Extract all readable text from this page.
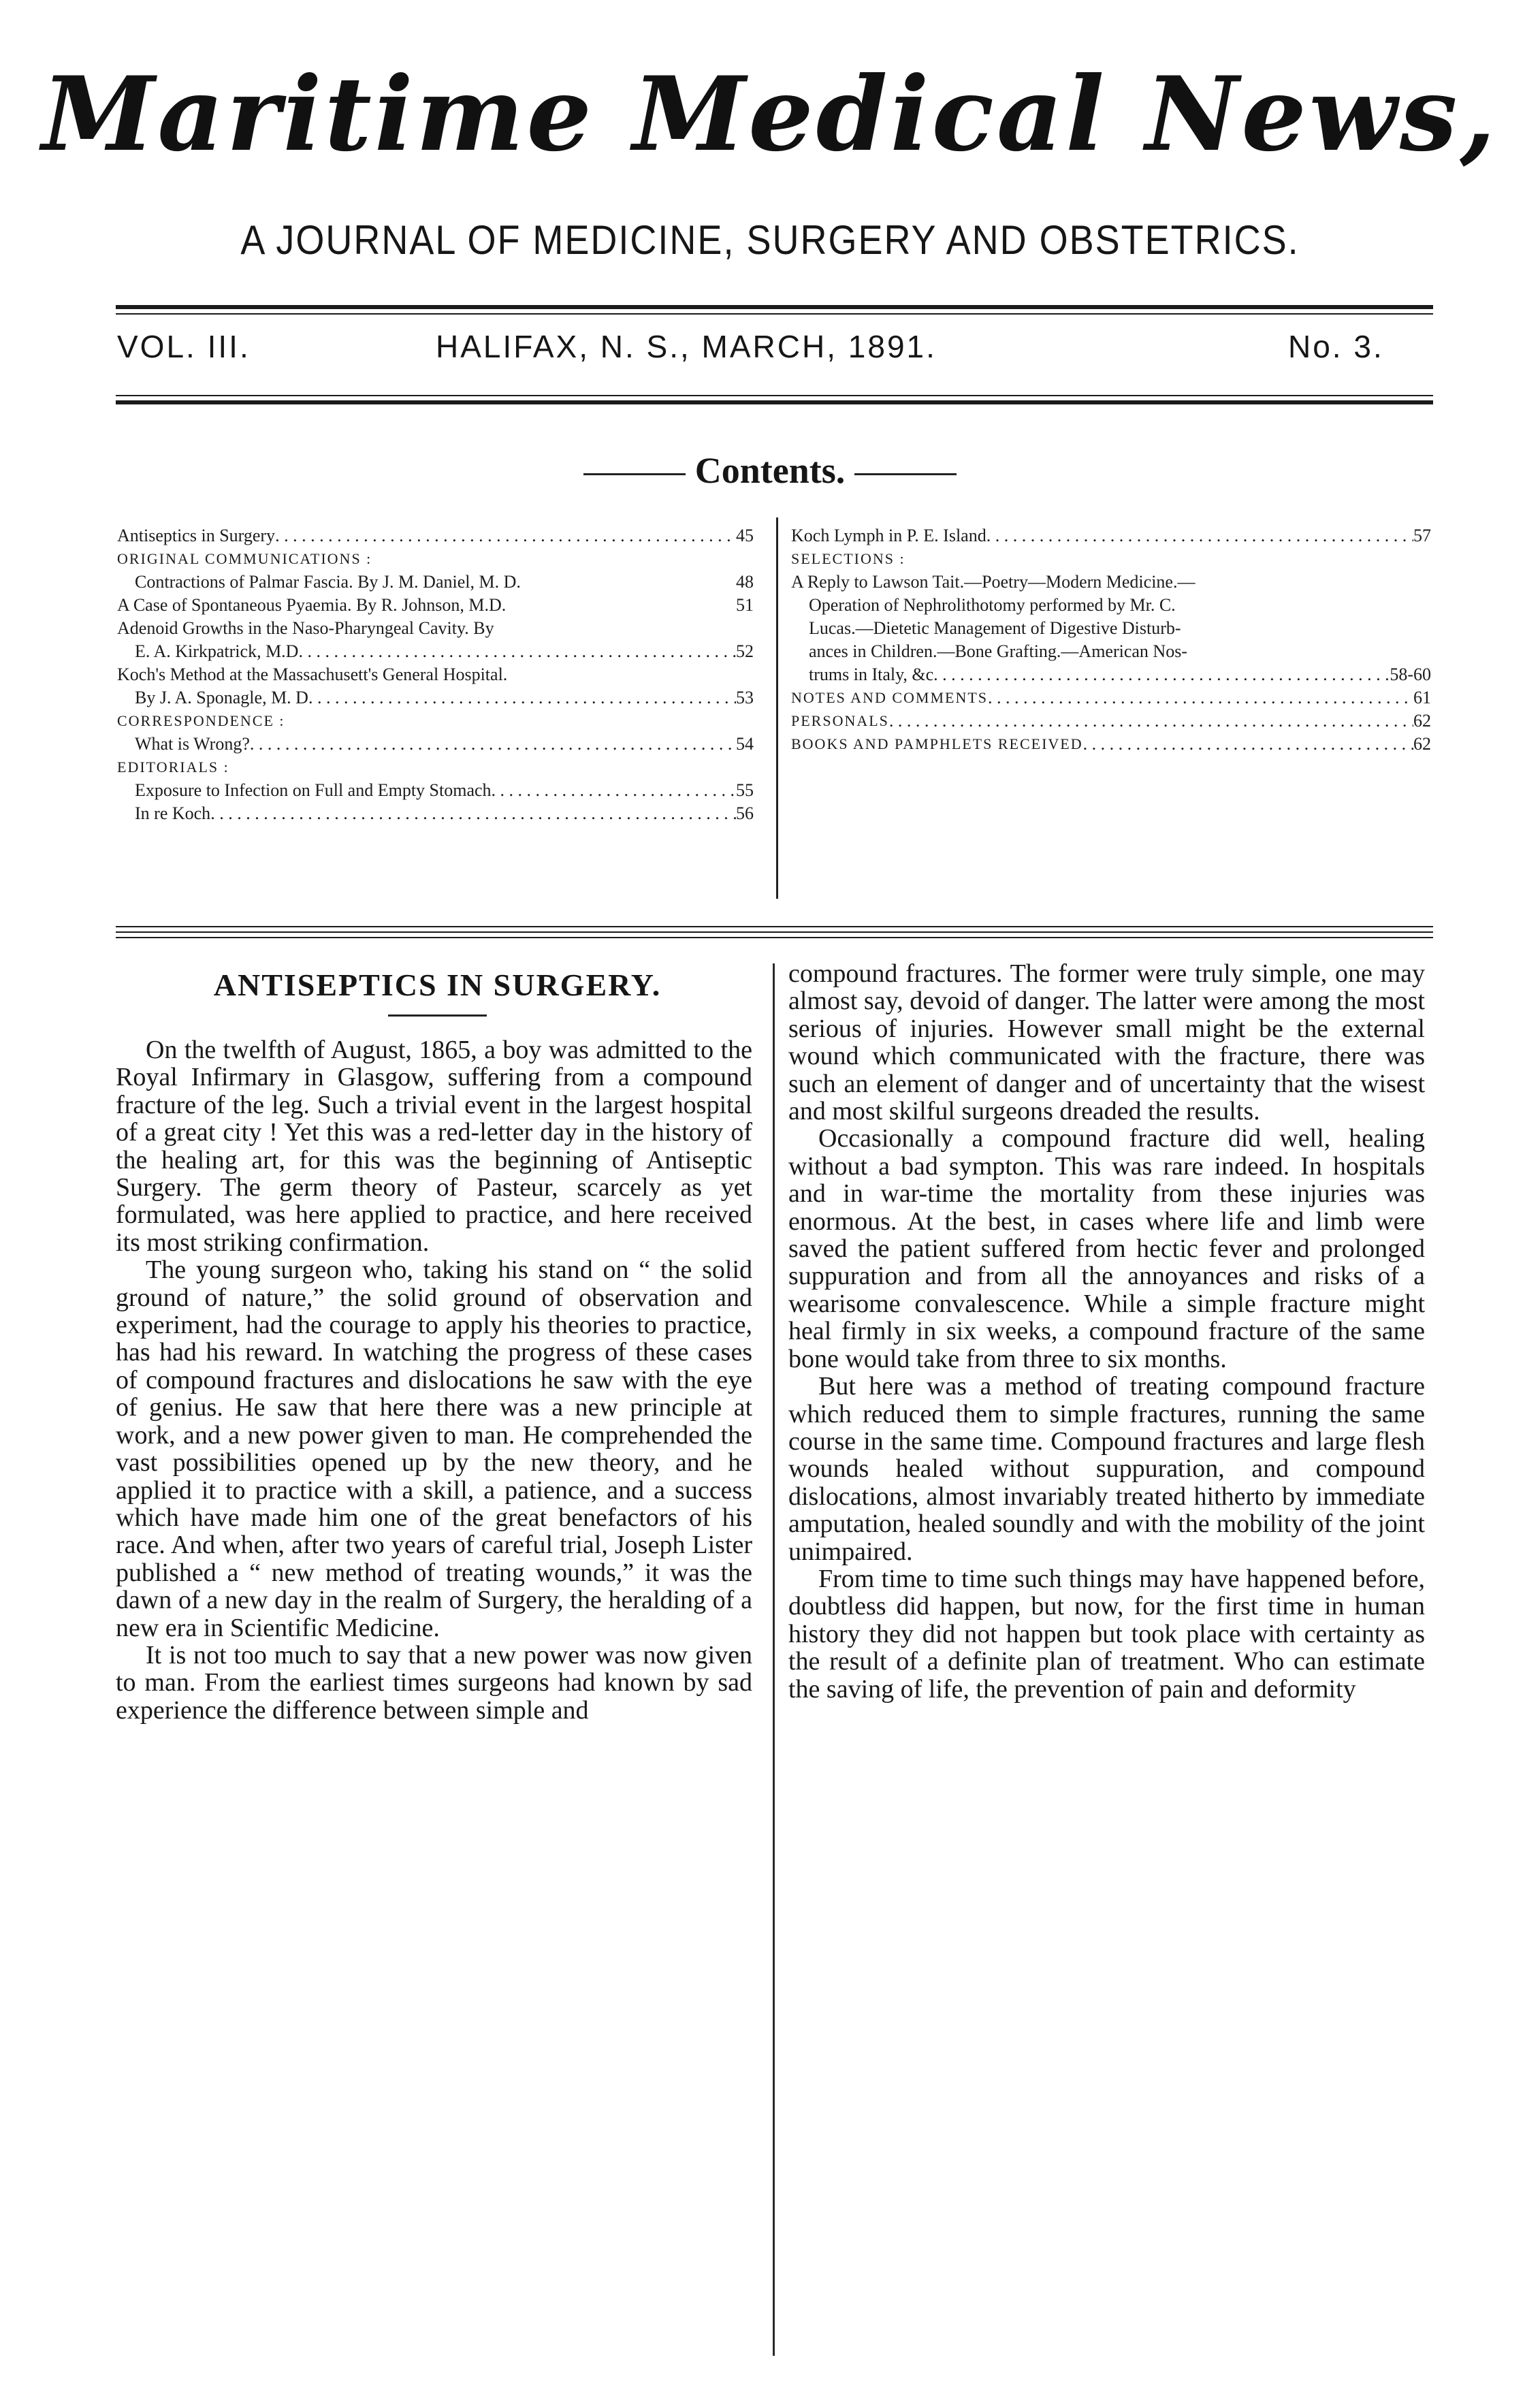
Maritime Medical News,
A JOURNAL OF MEDICINE, SURGERY AND OBSTETRICS.
VOL. III.	HALIFAX, N. S., MARCH, 1891.	No. 3.
Contents.
Antiseptics in Surgery . . .	45
ORIGINAL COMMUNICATIONS :
Contractions of Palmar Fascia. By J. M. Daniel, M. D.	48
A Case of Spontaneous Pyaemia. By R. Johnson, M.D.	51
Adenoid Growths in the Naso-Pharyngeal Cavity. By
E. A. Kirkpatrick, M.D . . .	52
Koch's Method at the Massachusett's General Hospital.
By J. A. Sponagle, M. D . . .	53
CORRESPONDENCE :
What is Wrong? . . .	54
EDITORIALS :
Exposure to Infection on Full and Empty Stomach . . .	55
In re Koch . . .	56
Koch Lymph in P. E. Island . . .	57
SELECTIONS :
A Reply to Lawson Tait.—Poetry—Modern Medicine.—
Operation of Nephrolithotomy performed by Mr. C.
Lucas.—Dietetic Management of Digestive Disturb-
ances in Children.—Bone Grafting.—American Nos-
trums in Italy, &c . . .	58-60
NOTES AND COMMENTS . . .	61
PERSONALS . . .	62
BOOKS AND PAMPHLETS RECEIVED . . .	62
ANTISEPTICS IN SURGERY.

On the twelfth of August, 1865, a boy was admitted to the Royal Infirmary in Glasgow, suffering from a compound fracture of the leg. Such a trivial event in the largest hospital of a great city ! Yet this was a red-letter day in the history of the healing art, for this was the beginning of Antiseptic Surgery. The germ theory of Pasteur, scarcely as yet formulated, was here applied to practice, and here received its most striking confirmation.

The young surgeon who, taking his stand on “ the solid ground of nature,” the solid ground of observation and experiment, had the courage to apply his theories to practice, has had his reward. In watching the progress of these cases of compound fractures and dislocations he saw with the eye of genius. He saw that here there was a new principle at work, and a new power given to man. He comprehended the vast possibilities opened up by the new theory, and he applied it to practice with a skill, a patience, and a success which have made him one of the great benefactors of his race. And when, after two years of careful trial, Joseph Lister published a “ new method of treating wounds,” it was the dawn of a new day in the realm of Surgery, the heralding of a new era in Scientific Medicine.

It is not too much to say that a new power was now given to man. From the earliest times surgeons had known by sad experience the difference between simple and

compound fractures. The former were truly simple, one may almost say, devoid of danger. The latter were among the most serious of injuries. However small might be the external wound which communicated with the fracture, there was such an element of danger and of uncertainty that the wisest and most skilful surgeons dreaded the results.

Occasionally a compound fracture did well, healing without a bad sympton. This was rare indeed. In hospitals and in war-time the mortality from these injuries was enormous. At the best, in cases where life and limb were saved the patient suffered from hectic fever and prolonged suppuration and from all the annoyances and risks of a wearisome convalescence. While a simple fracture might heal firmly in six weeks, a compound fracture of the same bone would take from three to six months.

But here was a method of treating compound fracture which reduced them to simple fractures, running the same course in the same time. Compound fractures and large flesh wounds healed without suppuration, and compound dislocations, almost invariably treated hitherto by immediate amputation, healed soundly and with the mobility of the joint unimpaired.

From time to time such things may have happened before, doubtless did happen, but now, for the first time in human history they did not happen but took place with certainty as the result of a definite plan of treatment. Who can estimate the saving of life, the prevention of pain and deformity
